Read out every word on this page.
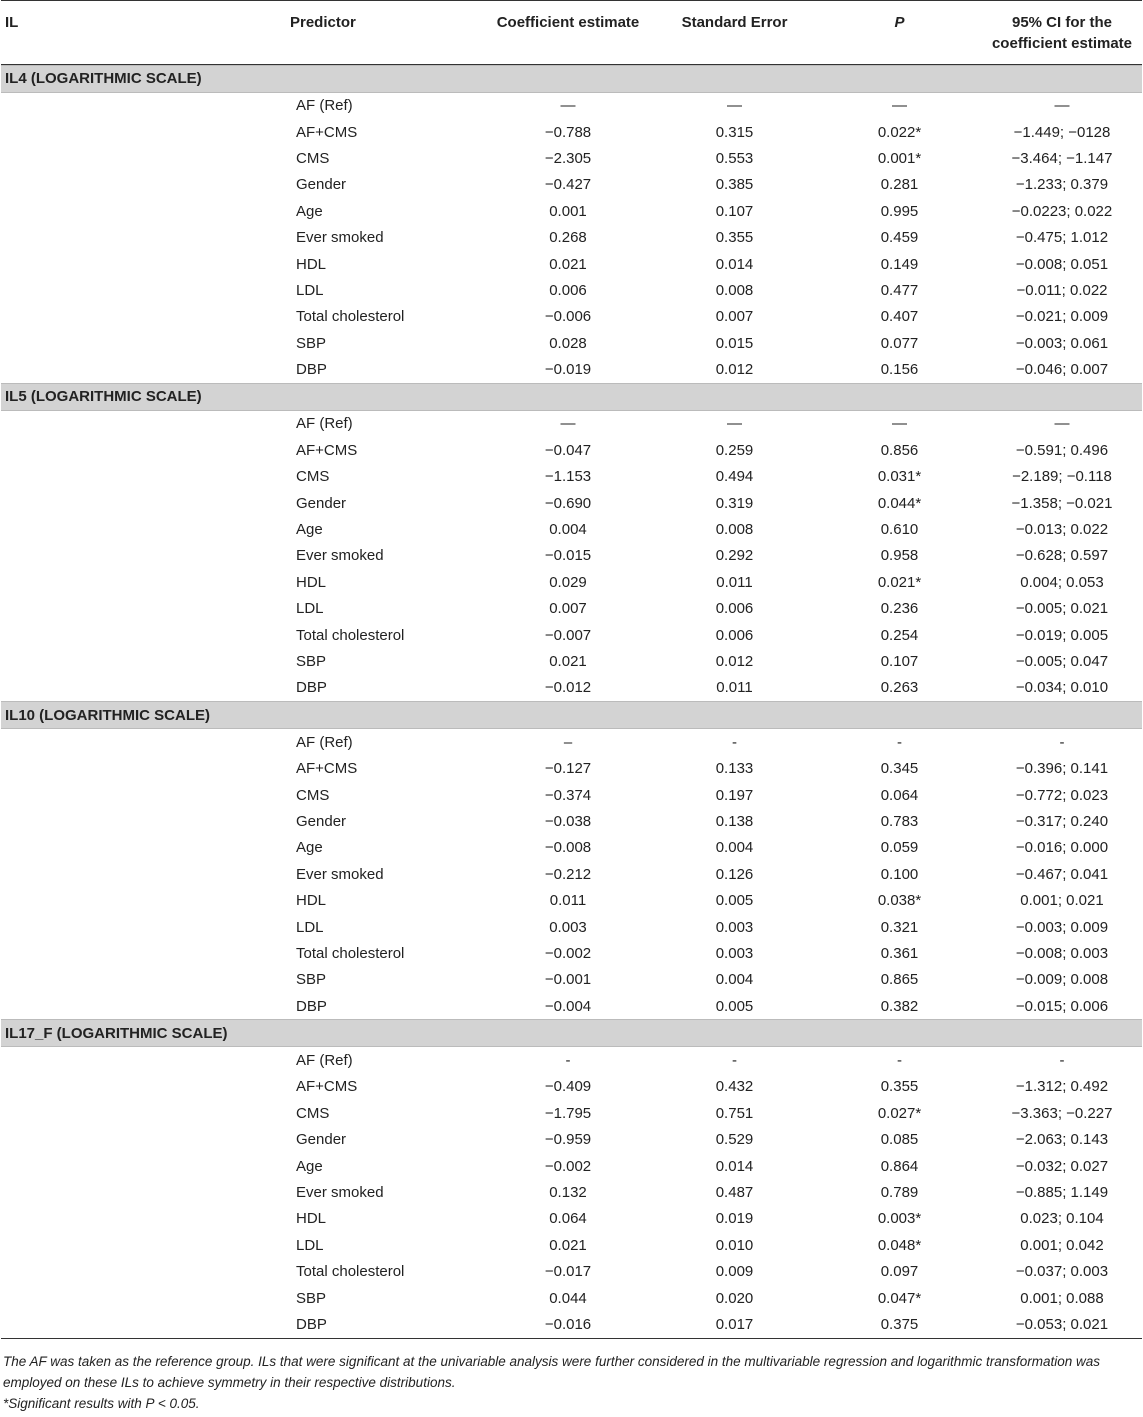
IL	Predictor	Coefficient estimate	Standard Error	P	95% CI for the coefficient estimate

IL4 (LOGARITHMIC SCALE)					
	AF (Ref)	—	—	—	—
	AF+CMS	−0.788	0.315	0.022*	−1.449; −0128
	CMS	−2.305	0.553	0.001*	−3.464; −1.147
	Gender	−0.427	0.385	0.281	−1.233; 0.379
	Age	0.001	0.107	0.995	−0.0223; 0.022
	Ever smoked	0.268	0.355	0.459	−0.475; 1.012
	HDL	0.021	0.014	0.149	−0.008; 0.051
	LDL	0.006	0.008	0.477	−0.011; 0.022
	Total cholesterol	−0.006	0.007	0.407	−0.021; 0.009
	SBP	0.028	0.015	0.077	−0.003; 0.061
	DBP	−0.019	0.012	0.156	−0.046; 0.007
IL5 (LOGARITHMIC SCALE)					
	AF (Ref)	—	—	—	—
	AF+CMS	−0.047	0.259	0.856	−0.591; 0.496
	CMS	−1.153	0.494	0.031*	−2.189; −0.118
	Gender	−0.690	0.319	0.044*	−1.358; −0.021
	Age	0.004	0.008	0.610	−0.013; 0.022
	Ever smoked	−0.015	0.292	0.958	−0.628; 0.597
	HDL	0.029	0.011	0.021*	0.004; 0.053
	LDL	0.007	0.006	0.236	−0.005; 0.021
	Total cholesterol	−0.007	0.006	0.254	−0.019; 0.005
	SBP	0.021	0.012	0.107	−0.005; 0.047
	DBP	−0.012	0.011	0.263	−0.034; 0.010
IL10 (LOGARITHMIC SCALE)					
	AF (Ref)	–	-	-	-
	AF+CMS	−0.127	0.133	0.345	−0.396; 0.141
	CMS	−0.374	0.197	0.064	−0.772; 0.023
	Gender	−0.038	0.138	0.783	−0.317; 0.240
	Age	−0.008	0.004	0.059	−0.016; 0.000
	Ever smoked	−0.212	0.126	0.100	−0.467; 0.041
	HDL	0.011	0.005	0.038*	0.001; 0.021
	LDL	0.003	0.003	0.321	−0.003; 0.009
	Total cholesterol	−0.002	0.003	0.361	−0.008; 0.003
	SBP	−0.001	0.004	0.865	−0.009; 0.008
	DBP	−0.004	0.005	0.382	−0.015; 0.006
IL17_F (LOGARITHMIC SCALE)					
	AF (Ref)	-	-	-	-
	AF+CMS	−0.409	0.432	0.355	−1.312; 0.492
	CMS	−1.795	0.751	0.027*	−3.363; −0.227
	Gender	−0.959	0.529	0.085	−2.063; 0.143
	Age	−0.002	0.014	0.864	−0.032; 0.027
	Ever smoked	0.132	0.487	0.789	−0.885; 1.149
	HDL	0.064	0.019	0.003*	0.023; 0.104
	LDL	0.021	0.010	0.048*	0.001; 0.042
	Total cholesterol	−0.017	0.009	0.097	−0.037; 0.003
	SBP	0.044	0.020	0.047*	0.001; 0.088
	DBP	−0.016	0.017	0.375	−0.053; 0.021

The AF was taken as the reference group. ILs that were significant at the univariable analysis were further considered in the multivariable regression and logarithmic transformation was employed on these ILs to achieve symmetry in their respective distributions.

*Significant results with P < 0.05.
